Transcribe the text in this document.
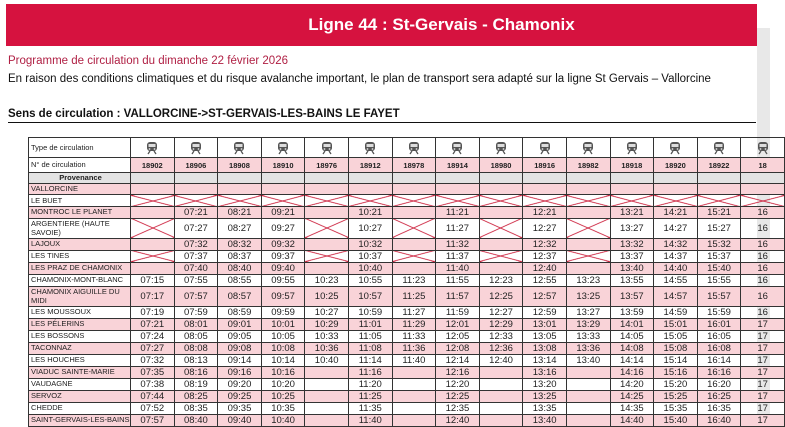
Ligne 44 : St-Gervais - Chamonix
Programme de circulation du dimanche 22 février 2026
En raison des conditions climatiques et du risque avalanche important, le plan de transport sera adapté sur la ligne St Gervais – Vallorcine
Sens de circulation : VALLORCINE->ST-GERVAIS-LES-BAINS LE FAYET
Type de circulation	

N° de circulation	18902	18906	18908	18910	18976	18912	18978	18914	18980	18916	18982	18918	18920	18922	18
Provenance															
VALLORCINE															
LE BUET															
MONTROC LE PLANET		07:21	08:21	09:21		10:21		11:21		12:21		13:21	14:21	15:21	16
ARGENTIERE (HAUTE SAVOIE)		07:27	08:27	09:27		10:27		11:27		12:27		13:27	14:27	15:27	16
LAJOUX		07:32	08:32	09:32		10:32		11:32		12:32		13:32	14:32	15:32	16
LES TINES		07:37	08:37	09:37		10:37		11:37		12:37		13:37	14:37	15:37	16
LES PRAZ DE CHAMONIX		07:40	08:40	09:40		10:40		11:40		12:40		13:40	14:40	15:40	16
CHAMONIX-MONT-BLANC	07:15	07:55	08:55	09:55	10:23	10:55	11:23	11:55	12:23	12:55	13:23	13:55	14:55	15:55	16
CHAMONIX AIGUILLE DU MIDI	07:17	07:57	08:57	09:57	10:25	10:57	11:25	11:57	12:25	12:57	13:25	13:57	14:57	15:57	16
LES MOUSSOUX	07:19	07:59	08:59	09:59	10:27	10:59	11:27	11:59	12:27	12:59	13:27	13:59	14:59	15:59	16
LES PÉLERINS	07:21	08:01	09:01	10:01	10:29	11:01	11:29	12:01	12:29	13:01	13:29	14:01	15:01	16:01	17
LES BOSSONS	07:24	08:05	09:05	10:05	10:33	11:05	11:33	12:05	12:33	13:05	13:33	14:05	15:05	16:05	17
TACONNAZ	07:27	08:08	09:08	10:08	10:36	11:08	11:36	12:08	12:36	13:08	13:36	14:08	15:08	16:08	17
LES HOUCHES	07:32	08:13	09:14	10:14	10:40	11:14	11:40	12:14	12:40	13:14	13:40	14:14	15:14	16:14	17
VIADUC SAINTE-MARIE	07:35	08:16	09:16	10:16		11:16		12:16		13:16		14:16	15:16	16:16	17
VAUDAGNE	07:38	08:19	09:20	10:20		11:20		12:20		13:20		14:20	15:20	16:20	17
SERVOZ	07:44	08:25	09:25	10:25		11:25		12:25		13:25		14:25	15:25	16:25	17
CHEDDE	07:52	08:35	09:35	10:35		11:35		12:35		13:35		14:35	15:35	16:35	17
SAINT-GERVAIS-LES-BAINS	07:57	08:40	09:40	10:40		11:40		12:40		13:40		14:40	15:40	16:40	17
